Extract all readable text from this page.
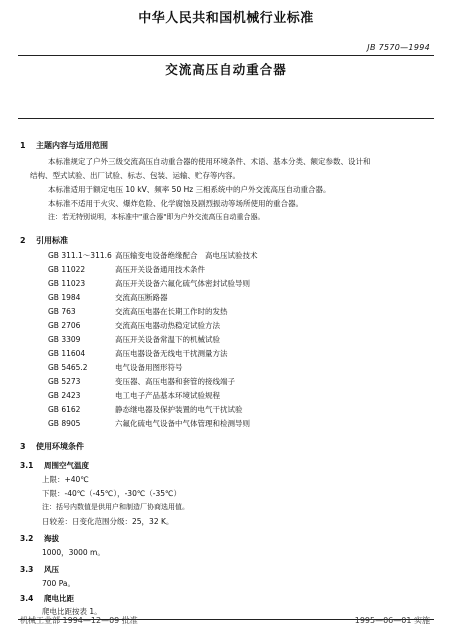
中华人民共和国机械行业标准
JB 7570—1994
交流高压自动重合器
1 主题内容与适用范围
本标准规定了户外三级交流高压自动重合器的使用环境条件、术语、基本分类、额定参数、设计和
结构、型式试验、出厂试验、标志、包装、运输、贮存等内容。
本标准适用于额定电压 10 kV、频率 50 Hz 三相系统中的户外交流高压自动重合器。
本标准不适用于火灾、爆炸危险、化学腐蚀及剧烈振动等场所使用的重合器。
注：若无特别说明，本标准中"重合器"即为户外交流高压自动重合器。
2 引用标准
GB 311.1～311.6 高压输变电设备绝缘配合　高电压试验技术
GB 11022	高压开关设备通用技术条件
GB 11023	高压开关设备六氟化硫气体密封试验导则
GB 1984	交流高压断路器
GB 763	交流高压电器在长期工作时的发热
GB 2706	交流高压电器动热稳定试验方法
GB 3309	高压开关设备常温下的机械试验
GB 11604	高压电器设备无线电干扰测量方法
GB 5465.2	电气设备用图形符号
GB 5273	变压器、高压电器和套管的接线端子
GB 2423	电工电子产品基本环境试验规程
GB 6162	静态继电器及保护装置的电气干扰试验
GB 8905	六氟化硫电气设备中气体管理和检测导则
3 使用环境条件
3.1 周围空气温度
上限：+40℃
下限：-40℃（-45℃），-30℃（-35℃）
注：括号内数值是供用户和制造厂协商选用值。
日较差：日变化范围分级：25，32 K。
3.2 海拔
1000，3000 m。
3.3 风压
700 Pa。
3.4 爬电比距
爬电比距按表 1。
机械工业部 1994—12—09 批准	1995—06—01 实施
